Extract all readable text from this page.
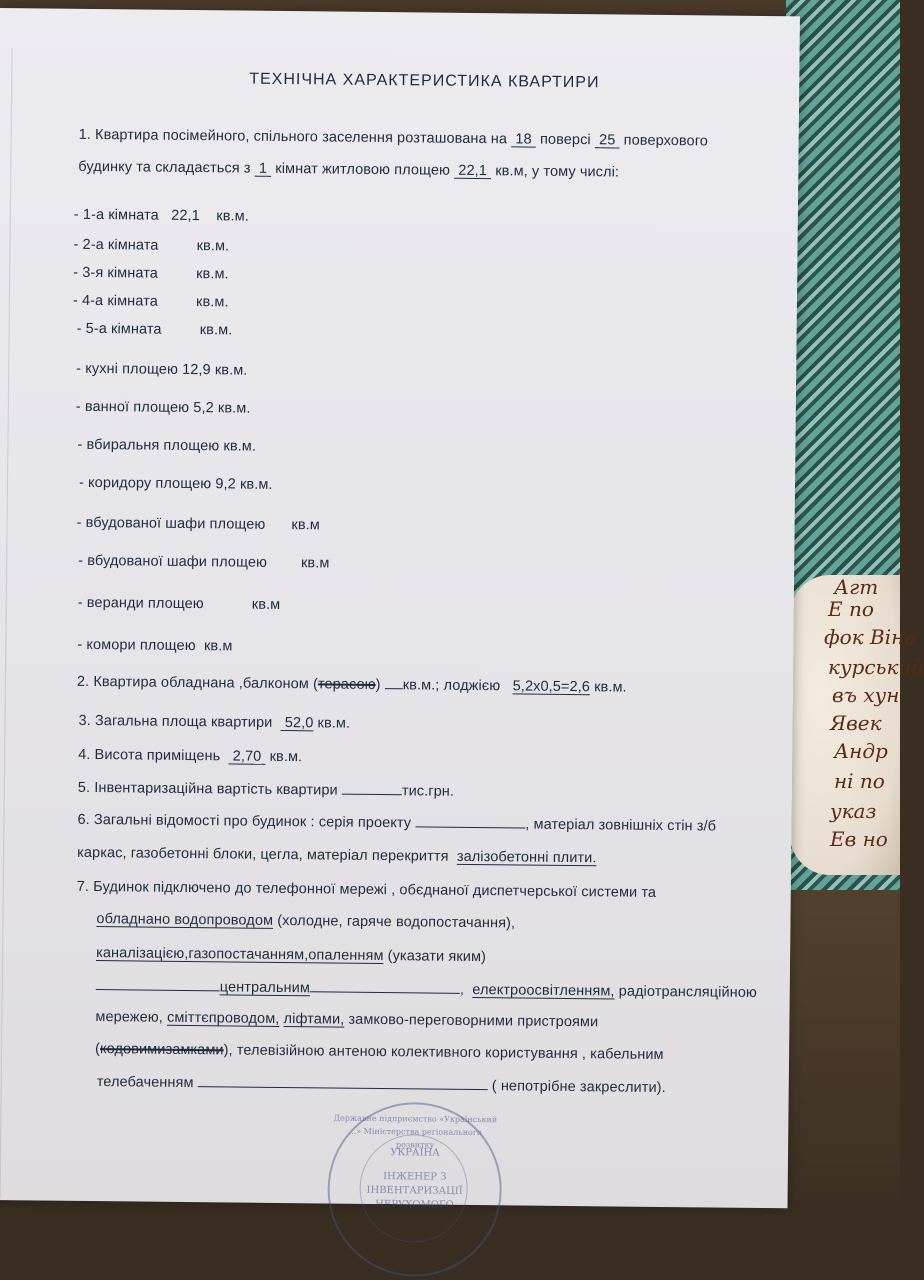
Агт
Е по
фок Віна
курський
въ хун
Явек
Андр
ні по
указ
Ев но
ТЕХНІЧНА ХАРАКТЕРИСТИКА КВАРТИРИ
1. Квартира посімейного, спільного заселення розташована на 18 поверсі 25 поверхового
будинку та складається з 1 кімнат житловою площею 22,1 кв.м, у тому числі:
- 1-а кімната 22,1 кв.м.
- 2-а кімната	кв.м.
- 3-я кімната	кв.м.
- 4-а кімната	кв.м.
- 5-а кімната	кв.м.
- кухні площею 12,9 кв.м.
- ванної площею 5,2 кв.м.
- вбиральня площею кв.м.
- коридору площею 9,2 кв.м.
- вбудованої шафи площею кв.м
- вбудованої шафи площею кв.м
- веранди площею	кв.м
- комори площею кв.м
2. Квартира обладнана ,балконом (терасою) кв.м.; лоджією 5,2х0,5=2,6 кв.м.
3. Загальна площа квартири 52,0 кв.м.
4. Висота приміщень 2,70 кв.м.
5. Інвентаризаційна вартість квартири	тис.грн.
6. Загальні відомості про будинок : серія проекту	, матеріал зовнішніх стін з/б
каркас, газобетонні блоки, цегла, матеріал перекриття залізобетонні плити.
7. Будинок підключено до телефонної мережі , обєднаної диспетчерської системи та
обладнано водопроводом (холодне, гаряче водопостачання),
каналізацією,газопостачанням,опаленням (указати яким)
центральним	, електроосвітленням, радіотрансляційною
мережею, сміттєпроводом, ліфтами, замково-переговорними пристроями
(кодовимизамками), телевізійною антеною колективного користування , кабельним
телебаченням	( непотрібне закреслити).
Державне підприємство «Український ...» Міністерства регіонального розвитку
УКРАЇНА
ІНЖЕНЕР З
ІНВЕНТАРИЗАЦІЇ
НЕРУХОМОГО
